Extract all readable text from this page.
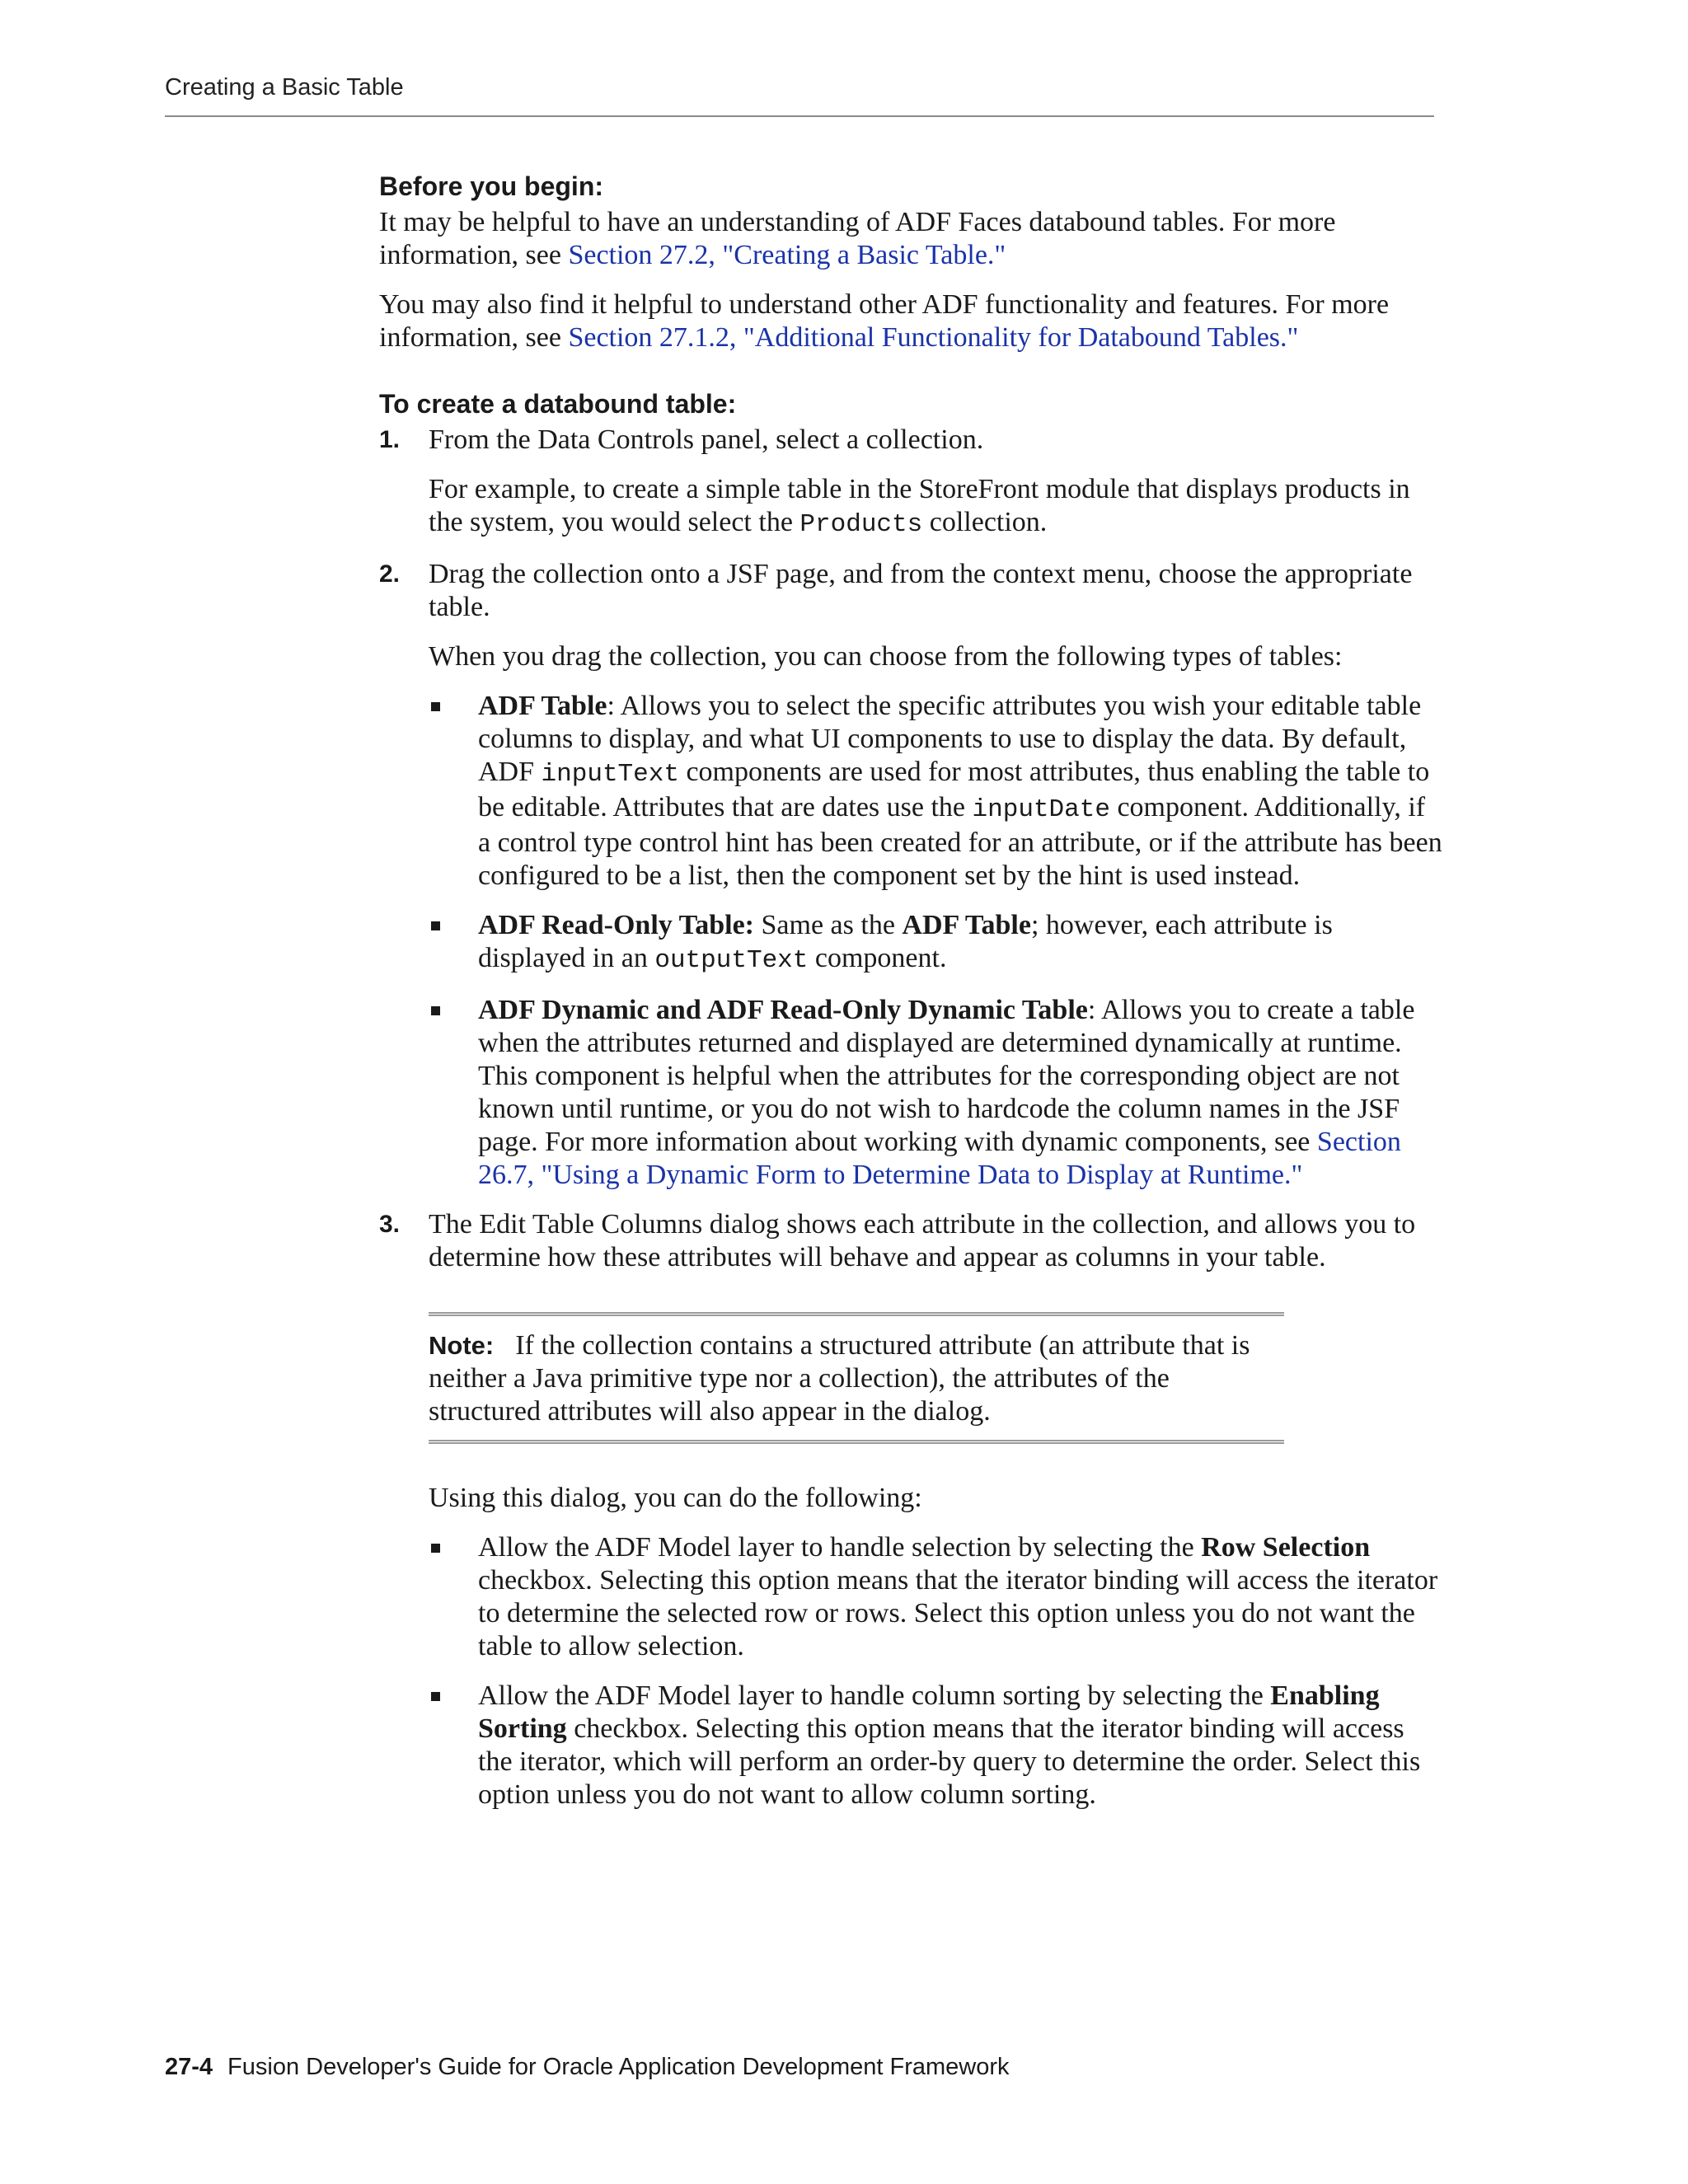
Creating a Basic Table
Before you begin:

It may be helpful to have an understanding of ADF Faces databound tables. For more information, see Section 27.2, "Creating a Basic Table."

You may also find it helpful to understand other ADF functionality and features. For more information, see Section 27.1.2, "Additional Functionality for Databound Tables."

To create a databound table:
1. From the Data Controls panel, select a collection.

For example, to create a simple table in the StoreFront module that displays products in the system, you would select the Products collection.

2. Drag the collection onto a JSF page, and from the context menu, choose the appropriate table.

When you drag the collection, you can choose from the following types of tables:

ADF Table: Allows you to select the specific attributes you wish your editable table columns to display, and what UI components to use to display the data. By default, ADF inputText components are used for most attributes, thus enabling the table to be editable. Attributes that are dates use the inputDate component. Additionally, if a control type control hint has been created for an attribute, or if the attribute has been configured to be a list, then the component set by the hint is used instead.
ADF Read-Only Table: Same as the ADF Table; however, each attribute is displayed in an outputText component.
ADF Dynamic and ADF Read-Only Dynamic Table: Allows you to create a table when the attributes returned and displayed are determined dynamically at runtime. This component is helpful when the attributes for the corresponding object are not known until runtime, or you do not wish to hardcode the column names in the JSF page. For more information about working with dynamic components, see Section 26.7, "Using a Dynamic Form to Determine Data to Display at Runtime."
3. The Edit Table Columns dialog shows each attribute in the collection, and allows you to determine how these attributes will behave and appear as columns in your table.

Note: If the collection contains a structured attribute (an attribute that is neither a Java primitive type nor a collection), the attributes of the structured attributes will also appear in the dialog.

Using this dialog, you can do the following:

Allow the ADF Model layer to handle selection by selecting the Row Selection checkbox. Selecting this option means that the iterator binding will access the iterator to determine the selected row or rows. Select this option unless you do not want the table to allow selection.
Allow the ADF Model layer to handle column sorting by selecting the Enabling Sorting checkbox. Selecting this option means that the iterator binding will access the iterator, which will perform an order-by query to determine the order. Select this option unless you do not want to allow column sorting.
27-4 Fusion Developer's Guide for Oracle Application Development Framework
